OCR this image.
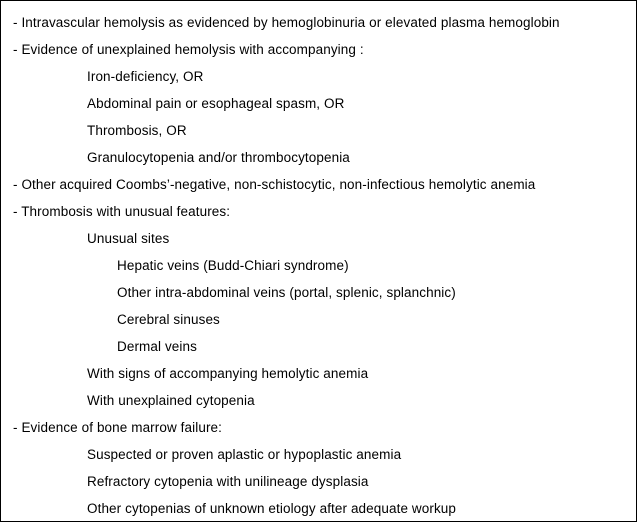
- Intravascular hemolysis as evidenced by hemoglobinuria or elevated plasma hemoglobin
- Evidence of unexplained hemolysis with accompanying :
Iron-deficiency, OR
Abdominal pain or esophageal spasm, OR
Thrombosis, OR
Granulocytopenia and/or thrombocytopenia
- Other acquired Coombs’-negative, non-schistocytic, non-infectious hemolytic anemia
- Thrombosis with unusual features:
Unusual sites
Hepatic veins (Budd-Chiari syndrome)
Other intra-abdominal veins (portal, splenic, splanchnic)
Cerebral sinuses
Dermal veins
With signs of accompanying hemolytic anemia
With unexplained cytopenia
- Evidence of bone marrow failure:
Suspected or proven aplastic or hypoplastic anemia
Refractory cytopenia with unilineage dysplasia
Other cytopenias of unknown etiology after adequate workup
